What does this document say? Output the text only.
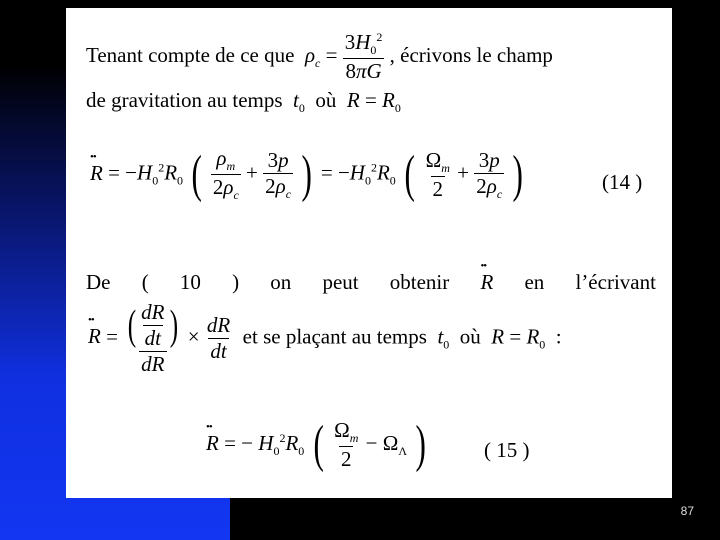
Tenant compte de ce que $\rho_c = \frac{3H_0^2}{8\pi G}$ , écrivons le champ
de gravitation au temps  $t_0$ où $R = R_0$
•• $R = -H_0^2R_0$ ( $\frac{\rho_m}{2\rho_c} + \frac{3p}{2\rho_c}$ ) = $-H_0^2R_0$ ( $\frac{\Omega_m}{2} + \frac{3p}{2\rho_c}$ )	(14 )
De ( 10 ) on peut obtenir
•• R en l’écrivant
•• $R = \frac{( \frac{dR}{dt} )}{dR} \times \frac{dR}{dt}$ et se plaçant au temps $t_0$ où $R = R_0$ :
•• R = − $H_0^2R_0$ ( $\frac{\Omega_m}{2} - \Omega_\Lambda$ )	( 15 )
87
